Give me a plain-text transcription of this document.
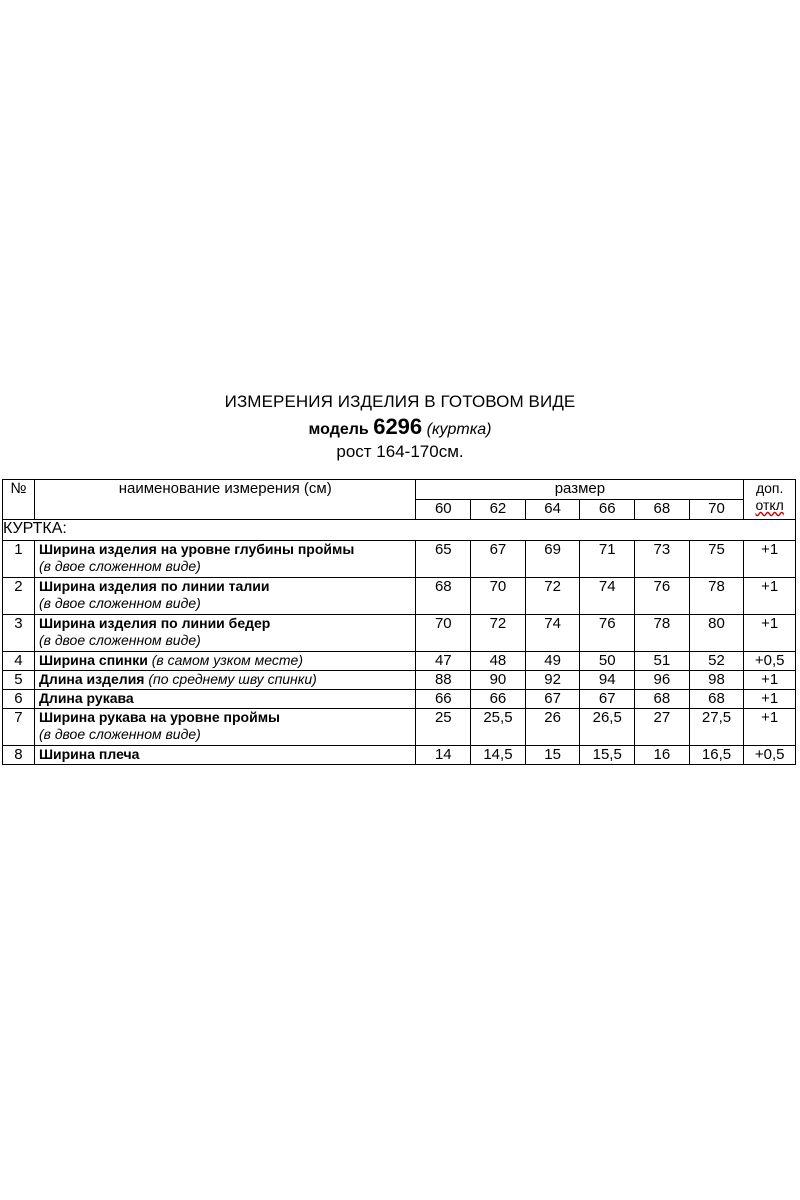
ИЗМЕРЕНИЯ ИЗДЕЛИЯ В ГОТОВОМ ВИДЕ
модель 6296 (куртка)
рост 164-170см.
№	наименование измерения (см)	размер						доп.
откл
		60	62	64	66	68	70	
КУРТКА:								
1	Ширина изделия на уровне глубины проймы
(в двое сложенном виде)	65	67	69	71	73	75	+1
2	Ширина изделия по линии талии
(в двое сложенном виде)	68	70	72	74	76	78	+1
3	Ширина изделия по линии бедер
(в двое сложенном виде)	70	72	74	76	78	80	+1
4	Ширина спинки (в самом узком месте)	47	48	49	50	51	52	+0,5
5	Длина изделия (по среднему шву спинки)	88	90	92	94	96	98	+1
6	Длина рукава	66	66	67	67	68	68	+1
7	Ширина рукава на уровне проймы
(в двое сложенном виде)	25	25,5	26	26,5	27	27,5	+1
8	Ширина плеча	14	14,5	15	15,5	16	16,5	+0,5
